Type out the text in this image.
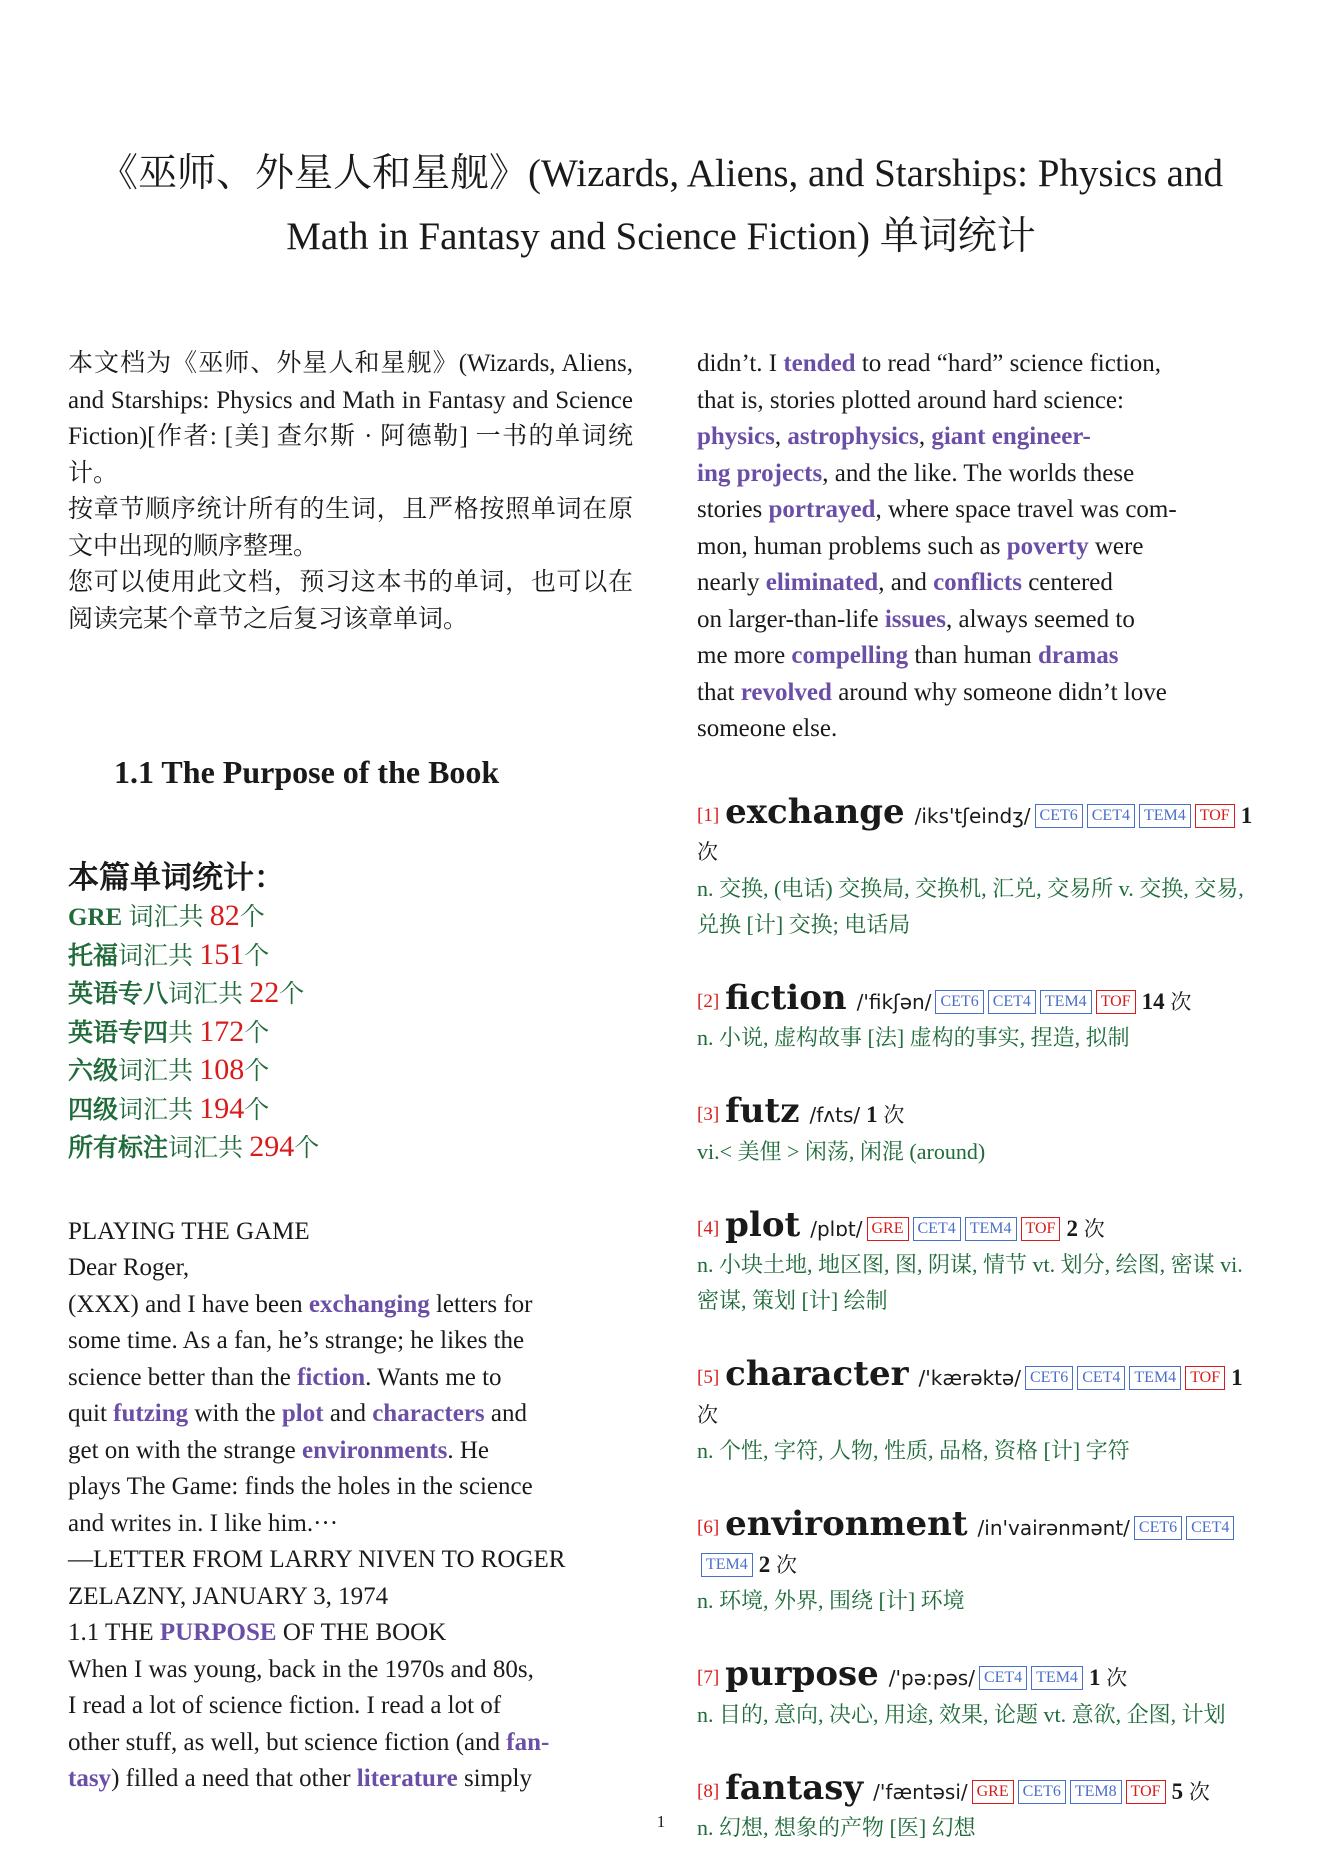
《巫师、外星人和星舰》(Wizards, Aliens, and Starships: Physics and Math in Fantasy and Science Fiction) 单词统计

本文档为《巫师、外星人和星舰》(Wizards, Aliens, and Starships: Physics and Math in Fantasy and Science Fiction)[作者: [美] 查尔斯 · 阿德勒] 一书的单词统计。

按章节顺序统计所有的生词，且严格按照单词在原文中出现的顺序整理。

您可以使用此文档，预习这本书的单词，也可以在阅读完某个章节之后复习该章单词。

1.1 The Purpose of the Book
本篇单词统计：
GRE 词汇共 82个
托福词汇共 151个
英语专八词汇共 22个
英语专四共 172个
六级词汇共 108个
四级词汇共 194个
所有标注词汇共 294个
PLAYING THE GAME
Dear Roger,
(XXX) and I have been exchanging letters for
some time. As a fan, he’s strange; he likes the
science better than the fiction. Wants me to
quit futzing with the plot and characters and
get on with the strange environments. He
plays The Game: finds the holes in the science
and writes in. I like him.···
—LETTER FROM LARRY NIVEN TO ROGER
ZELAZNY, JANUARY 3, 1974
1.1 THE PURPOSE OF THE BOOK
When I was young, back in the 1970s and 80s,
I read a lot of science fiction. I read a lot of
other stuff, as well, but science fiction (and fan-
tasy) filled a need that other literature simply
didn’t. I tended to read “hard” science fiction,
that is, stories plotted around hard science:
physics, astrophysics, giant engineer-
ing projects, and the like. The worlds these
stories portrayed, where space travel was com-
mon, human problems such as poverty were
nearly eliminated, and conflicts centered
on larger-than-life issues, always seemed to
me more compelling than human dramas
that revolved around why someone didn’t love
someone else.
[1] exchange /iks'tʃeindʒ/ CET6 CET4 TEM4 TOF 1 次
n. 交换, (电话) 交换局, 交换机, 汇兑, 交易所 v. 交换, 交易, 兑换 [计] 交换; 电话局
[2] fiction /'fikʃən/ CET6 CET4 TEM4 TOF 14 次
n. 小说, 虚构故事 [法] 虚构的事实, 捏造, 拟制
[3] futz /fʌts/ 1 次
vi.< 美俚 > 闲荡, 闲混 (around)
[4] plot /plɒt/ GRE CET4 TEM4 TOF 2 次
n. 小块土地, 地区图, 图, 阴谋, 情节 vt. 划分, 绘图, 密谋 vi. 密谋, 策划 [计] 绘制
[5] character /'kærəktə/ CET6 CET4 TEM4 TOF 1 次
n. 个性, 字符, 人物, 性质, 品格, 资格 [计] 字符
[6] environment /in'vairənmənt/ CET6 CET4TEM4 2 次
n. 环境, 外界, 围绕 [计] 环境
[7] purpose /'pə:pəs/ CET4 TEM4 1 次
n. 目的, 意向, 决心, 用途, 效果, 论题 vt. 意欲, 企图, 计划
[8] fantasy /'fæntəsi/ GRE CET6 TEM8 TOF 5 次
n. 幻想, 想象的产物 [医] 幻想
1
